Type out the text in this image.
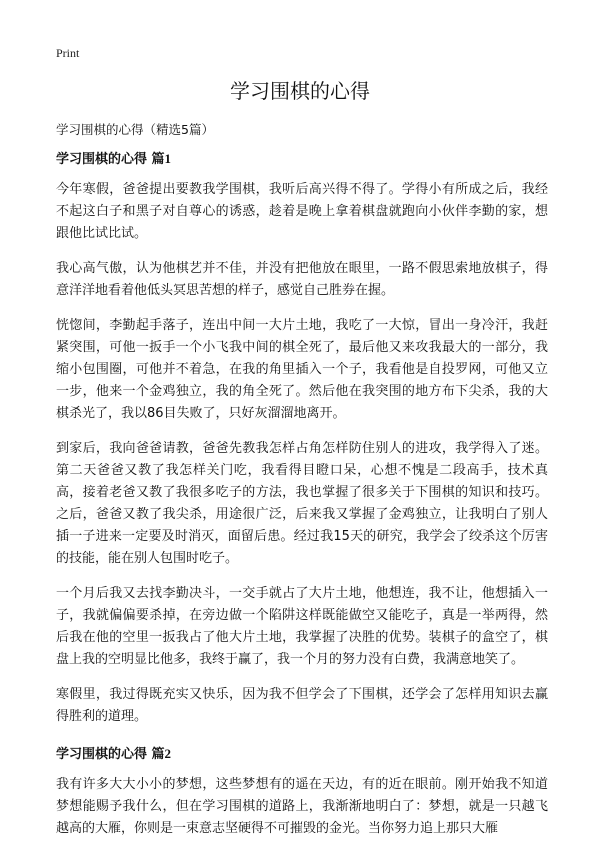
Print
学习围棋的心得
学习围棋的心得（精选5篇）
学习围棋的心得 篇1

今年寒假，爸爸提出要教我学围棋，我听后高兴得不得了。学得小有所成之后，我经不起这白子和黑子对自尊心的诱惑，趁着是晚上拿着棋盘就跑向小伙伴李勤的家，想跟他比试比试。

我心高气傲，认为他棋艺并不佳，并没有把他放在眼里，一路不假思索地放棋子，得意洋洋地看着他低头冥思苦想的样子，感觉自己胜券在握。

恍惚间，李勤起手落子，连出中间一大片土地，我吃了一大惊，冒出一身冷汗，我赶紧突围，可他一扳手一个小飞我中间的棋全死了，最后他又来攻我最大的一部分，我缩小包围圈，可他并不着急，在我的角里插入一个子，我看他是自投罗网，可他又立一步，他来一个金鸡独立，我的角全死了。然后他在我突围的地方布下尖杀，我的大棋杀光了，我以86目失败了，只好灰溜溜地离开。

到家后，我向爸爸请教，爸爸先教我怎样占角怎样防住别人的进攻，我学得入了迷。第二天爸爸又教了我怎样关门吃，我看得目瞪口呆，心想不愧是二段高手，技术真高，接着老爸又教了我很多吃子的方法，我也掌握了很多关于下围棋的知识和技巧。之后，爸爸又教了我尖杀，用途很广泛，后来我又掌握了金鸡独立，让我明白了别人插一子进来一定要及时消灭，面留后患。经过我15天的研究，我学会了绞杀这个厉害的技能，能在别人包围时吃子。

一个月后我又去找李勤决斗，一交手就占了大片土地，他想连，我不让，他想插入一子，我就偏偏要杀掉，在旁边做一个陷阱这样既能做空又能吃子，真是一举两得，然后我在他的空里一扳我占了他大片土地，我掌握了决胜的优势。装棋子的盒空了，棋盘上我的空明显比他多，我终于赢了，我一个月的努力没有白费，我满意地笑了。

寒假里，我过得既充实又快乐，因为我不但学会了下围棋，还学会了怎样用知识去赢得胜利的道理。

学习围棋的心得 篇2

我有许多大大小小的梦想，这些梦想有的遥在天边，有的近在眼前。刚开始我不知道梦想能赐予我什么，但在学习围棋的道路上，我渐渐地明白了：梦想，就是一只越飞越高的大雁，你则是一束意志坚硬得不可摧毁的金光。当你努力追上那只大雁
